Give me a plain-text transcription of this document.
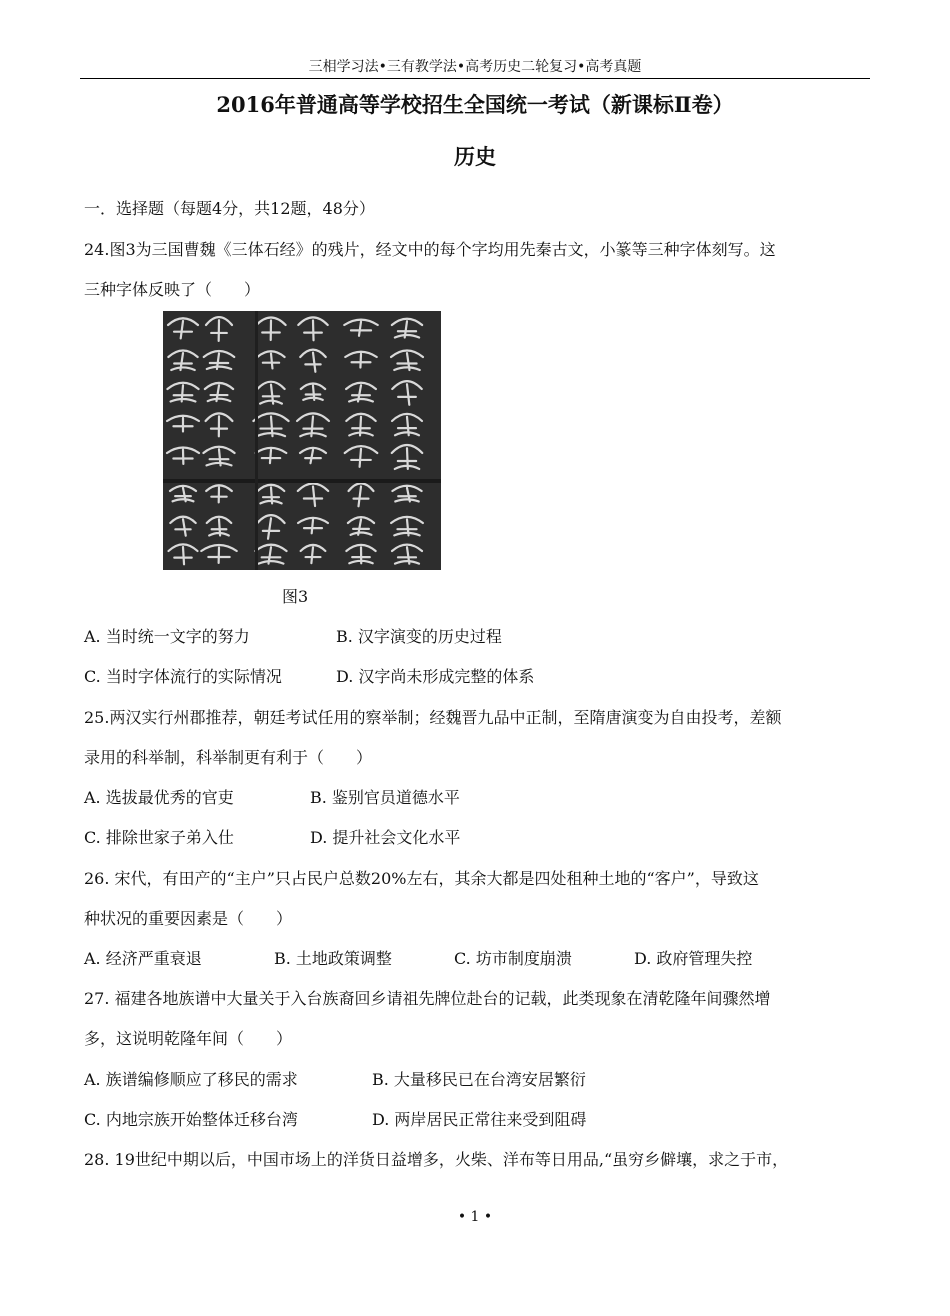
三相学习法•三有教学法•高考历史二轮复习•高考真题
2016年普通高等学校招生全国统一考试（新课标Ⅱ卷）
历史
一．选择题（每题4分，共12题，48分）
24.图3为三国曹魏《三体石经》的残片，经文中的每个字均用先秦古文，小篆等三种字体刻写。这
三种字体反映了（　　）
图3
A. 当时统一文字的努力	B. 汉字演变的历史过程
C. 当时字体流行的实际情况	D. 汉字尚未形成完整的体系
25.两汉实行州郡推荐，朝廷考试任用的察举制；经魏晋九品中正制，至隋唐演变为自由投考，差额
录用的科举制，科举制更有利于（　　）
A. 选拔最优秀的官吏	B. 鉴别官员道德水平
C. 排除世家子弟入仕	D. 提升社会文化水平
26. 宋代，有田产的“主户”只占民户总数20%左右，其余大都是四处租种土地的“客户”，导致这
种状况的重要因素是（　　）
A. 经济严重衰退	B. 土地政策调整	C. 坊市制度崩溃	D. 政府管理失控
27. 福建各地族谱中大量关于入台族裔回乡请祖先牌位赴台的记载，此类现象在清乾隆年间骤然增
多，这说明乾隆年间（　　）
A. 族谱编修顺应了移民的需求	B. 大量移民已在台湾安居繁衍
C. 内地宗族开始整体迁移台湾	D. 两岸居民正常往来受到阻碍
28. 19世纪中期以后，中国市场上的洋货日益增多，火柴、洋布等日用品,“虽穷乡僻壤，求之于市，
• 1 •
